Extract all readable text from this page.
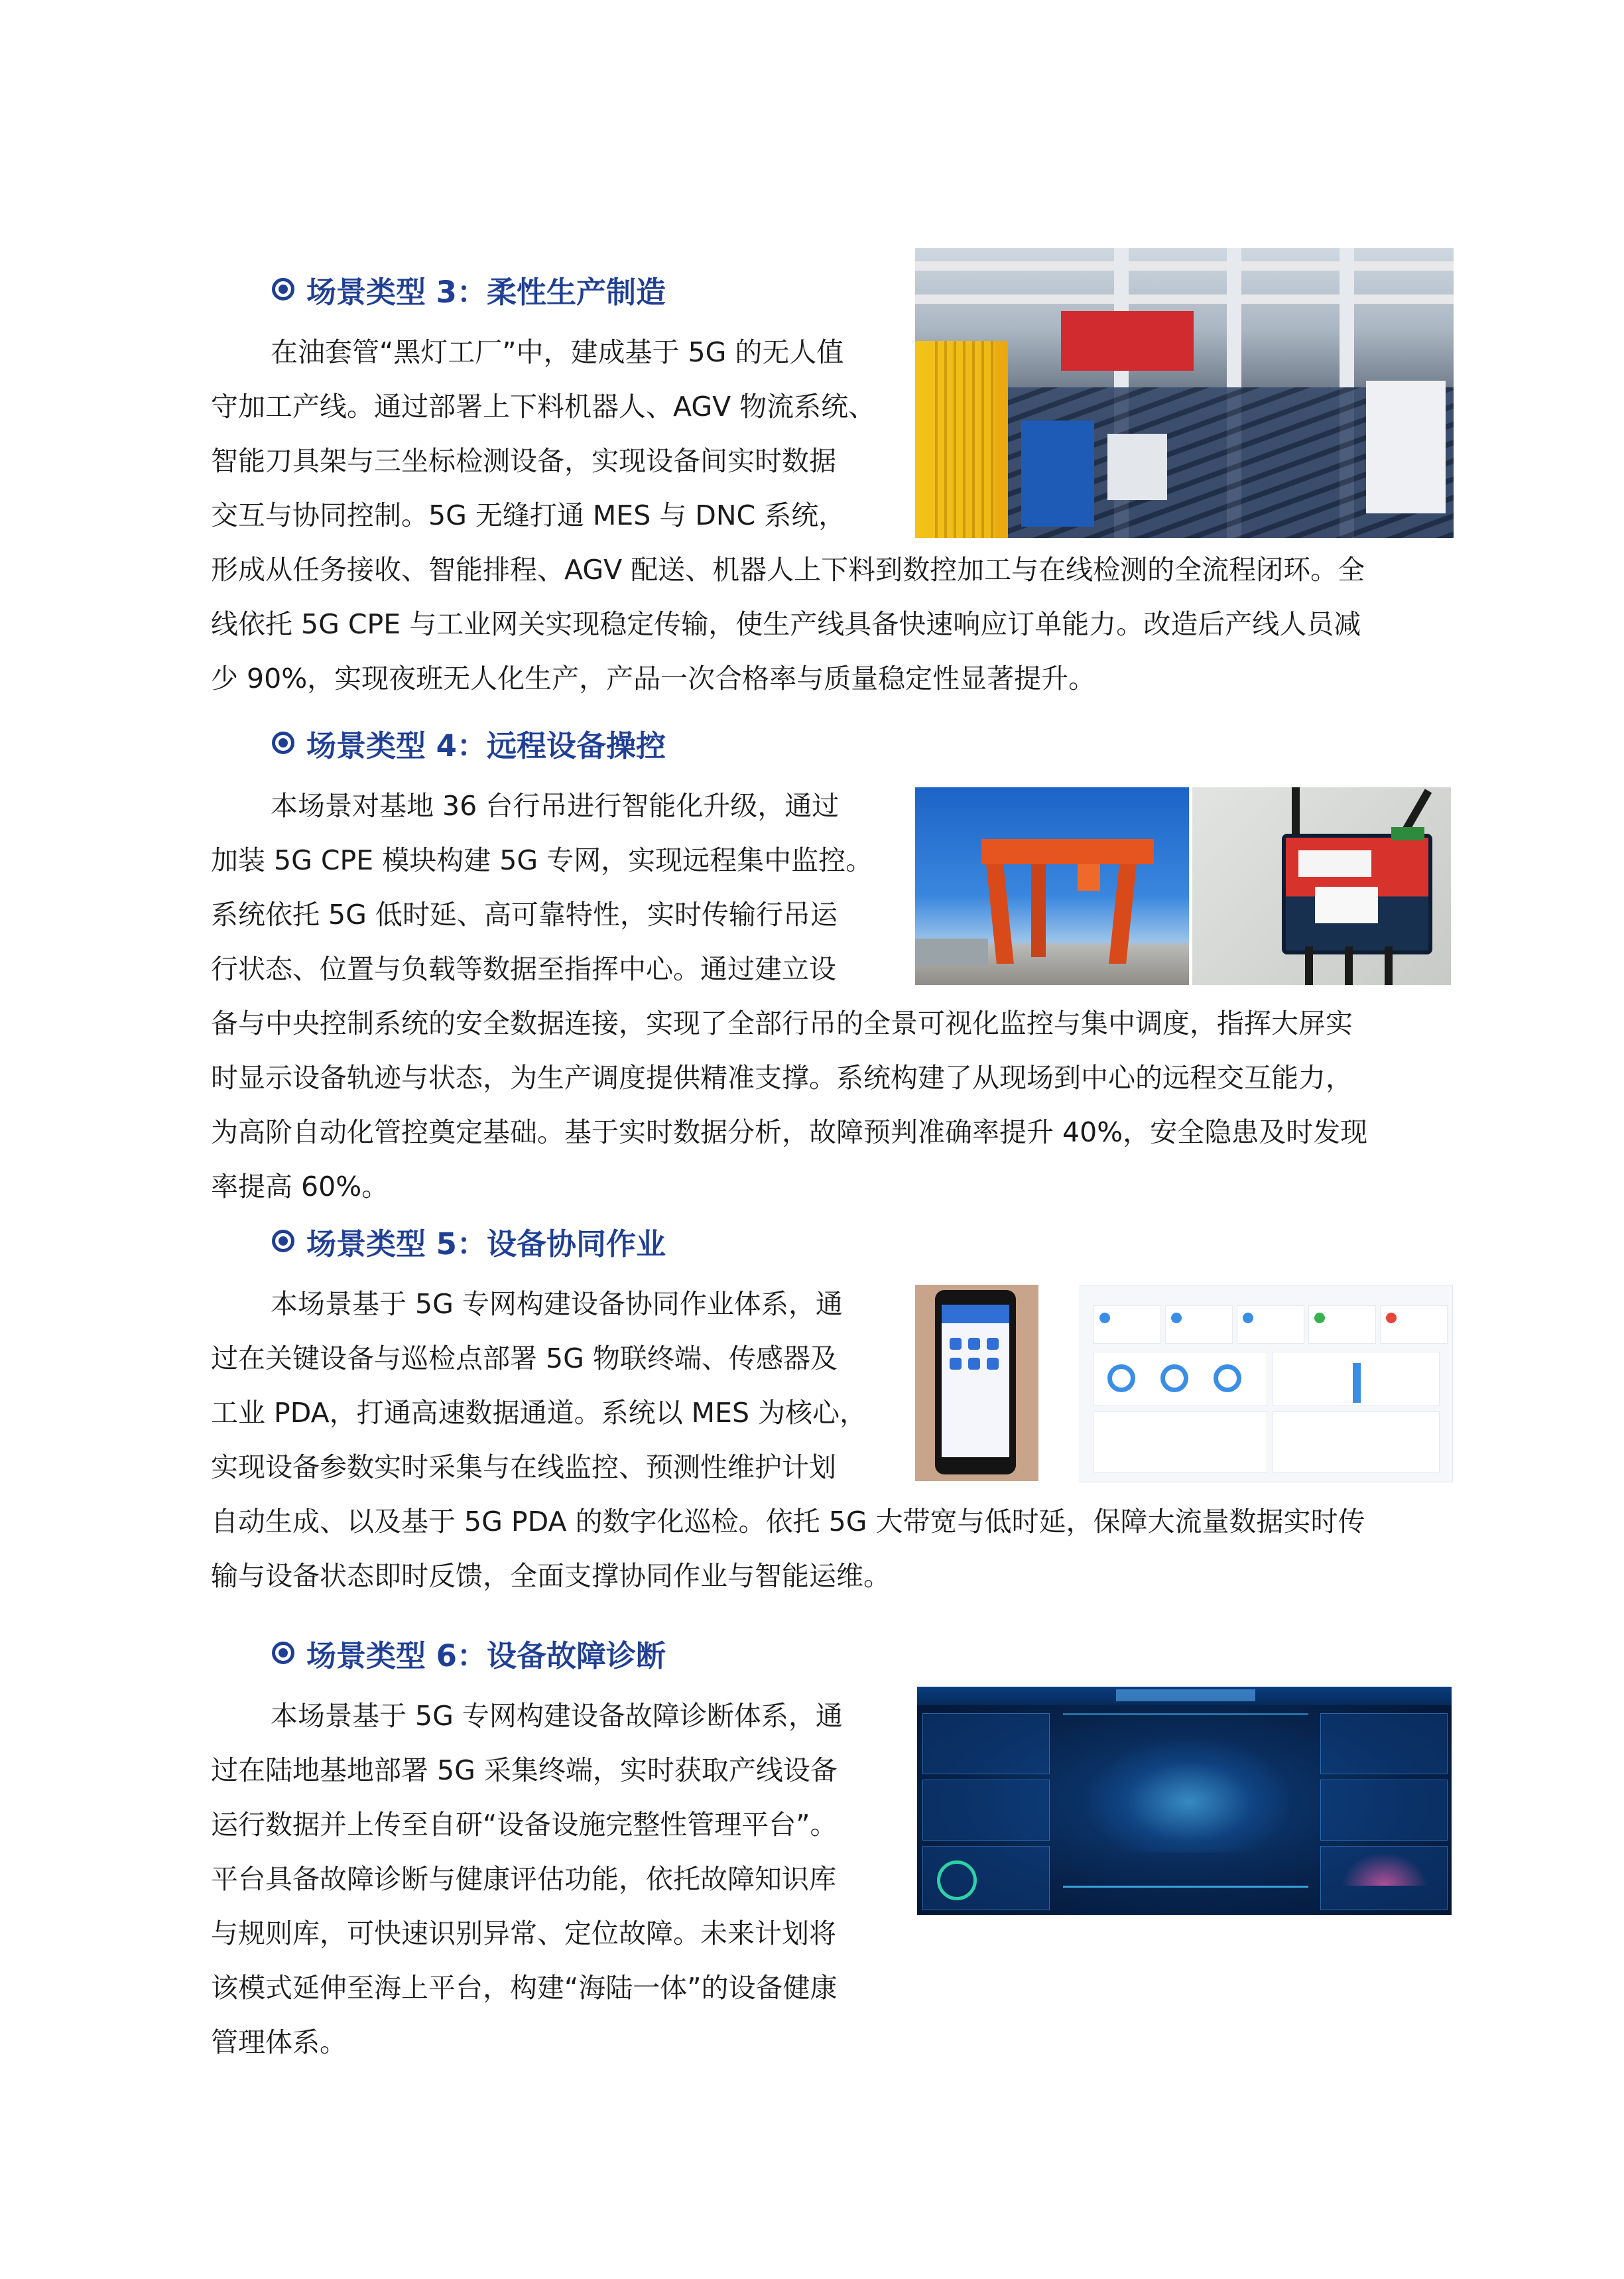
场景类型 3：柔性生产制造
在油套管“黑灯工厂”中，建成基于 5G 的无人值
守加工产线。通过部署上下料机器人、AGV 物流系统、
智能刀具架与三坐标检测设备，实现设备间实时数据
交互与协同控制。5G 无缝打通 MES 与 DNC 系统，
形成从任务接收、智能排程、AGV 配送、机器人上下料到数控加工与在线检测的全流程闭环。全
线依托 5G CPE 与工业网关实现稳定传输，使生产线具备快速响应订单能力。改造后产线人员减
少 90%，实现夜班无人化生产，产品一次合格率与质量稳定性显著提升。
场景类型 4：远程设备操控
本场景对基地 36 台行吊进行智能化升级，通过
加装 5G CPE 模块构建 5G 专网，实现远程集中监控。
系统依托 5G 低时延、高可靠特性，实时传输行吊运
行状态、位置与负载等数据至指挥中心。通过建立设
备与中央控制系统的安全数据连接，实现了全部行吊的全景可视化监控与集中调度，指挥大屏实
时显示设备轨迹与状态，为生产调度提供精准支撑。系统构建了从现场到中心的远程交互能力，
为高阶自动化管控奠定基础。基于实时数据分析，故障预判准确率提升 40%，安全隐患及时发现
率提高 60%。
场景类型 5：设备协同作业
本场景基于 5G 专网构建设备协同作业体系，通
过在关键设备与巡检点部署 5G 物联终端、传感器及
工业 PDA，打通高速数据通道。系统以 MES 为核心，
实现设备参数实时采集与在线监控、预测性维护计划
自动生成、以及基于 5G PDA 的数字化巡检。依托 5G 大带宽与低时延，保障大流量数据实时传
输与设备状态即时反馈，全面支撑协同作业与智能运维。
场景类型 6：设备故障诊断
本场景基于 5G 专网构建设备故障诊断体系，通
过在陆地基地部署 5G 采集终端，实时获取产线设备
运行数据并上传至自研“设备设施完整性管理平台”。
平台具备故障诊断与健康评估功能，依托故障知识库
与规则库，可快速识别异常、定位故障。未来计划将
该模式延伸至海上平台，构建“海陆一体”的设备健康
管理体系。
